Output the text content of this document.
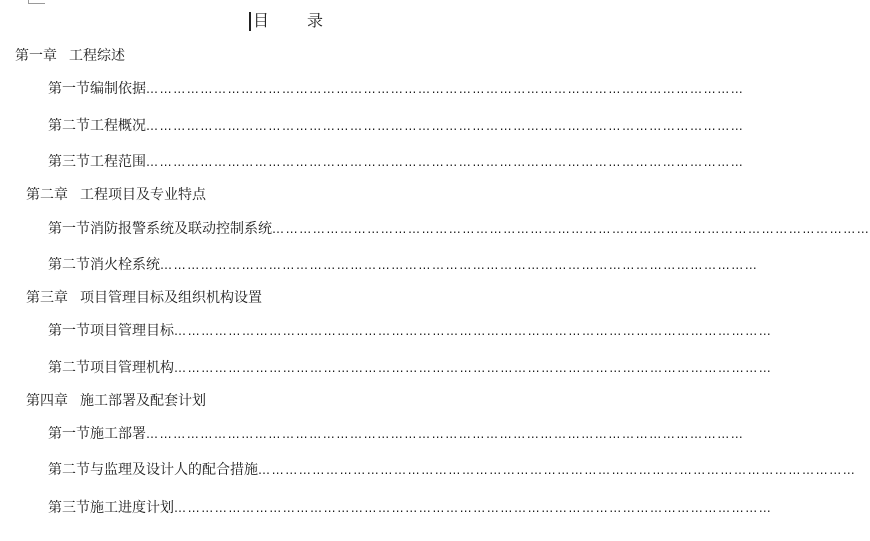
目 录
第一章 工程综述
第一节 编制依据 ……………………………………………………………………………………………………………………
第二节 工程概况 ……………………………………………………………………………………………………………………
第三节 工程范围 ……………………………………………………………………………………………………………………
第二章 工程项目及专业特点
第一节 消防报警系统及联动控制系统 ……………………………………………………………………………………………………………………
第二节 消火栓系统 ……………………………………………………………………………………………………………………
第三章 项目管理目标及组织机构设置
第一节 项目管理目标 ……………………………………………………………………………………………………………………
第二节 项目管理机构 ……………………………………………………………………………………………………………………
第四章 施工部署及配套计划
第一节 施工部署 ……………………………………………………………………………………………………………………
第二节 与监理及设计人的配合措施 ……………………………………………………………………………………………………………………
第三节 施工进度计划 ……………………………………………………………………………………………………………………
